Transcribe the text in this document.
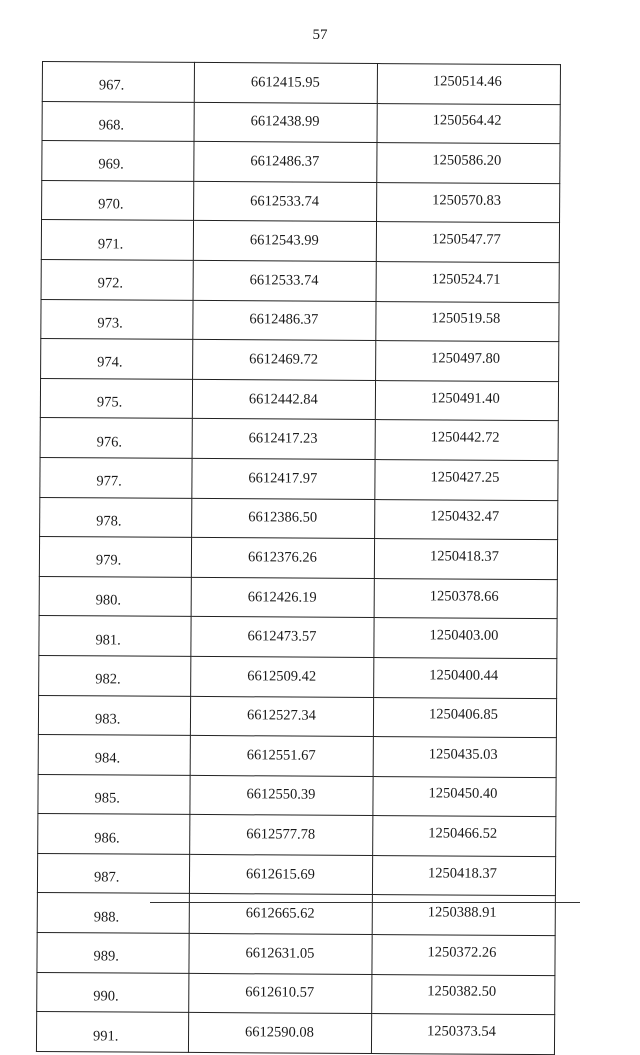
57
967.	6612415.95	1250514.46
968.	6612438.99	1250564.42
969.	6612486.37	1250586.20
970.	6612533.74	1250570.83
971.	6612543.99	1250547.77
972.	6612533.74	1250524.71
973.	6612486.37	1250519.58
974.	6612469.72	1250497.80
975.	6612442.84	1250491.40
976.	6612417.23	1250442.72
977.	6612417.97	1250427.25
978.	6612386.50	1250432.47
979.	6612376.26	1250418.37
980.	6612426.19	1250378.66
981.	6612473.57	1250403.00
982.	6612509.42	1250400.44
983.	6612527.34	1250406.85
984.	6612551.67	1250435.03
985.	6612550.39	1250450.40
986.	6612577.78	1250466.52
987.	6612615.69	1250418.37
988.	6612665.62	1250388.91
989.	6612631.05	1250372.26
990.	6612610.57	1250382.50
991.	6612590.08	1250373.54
